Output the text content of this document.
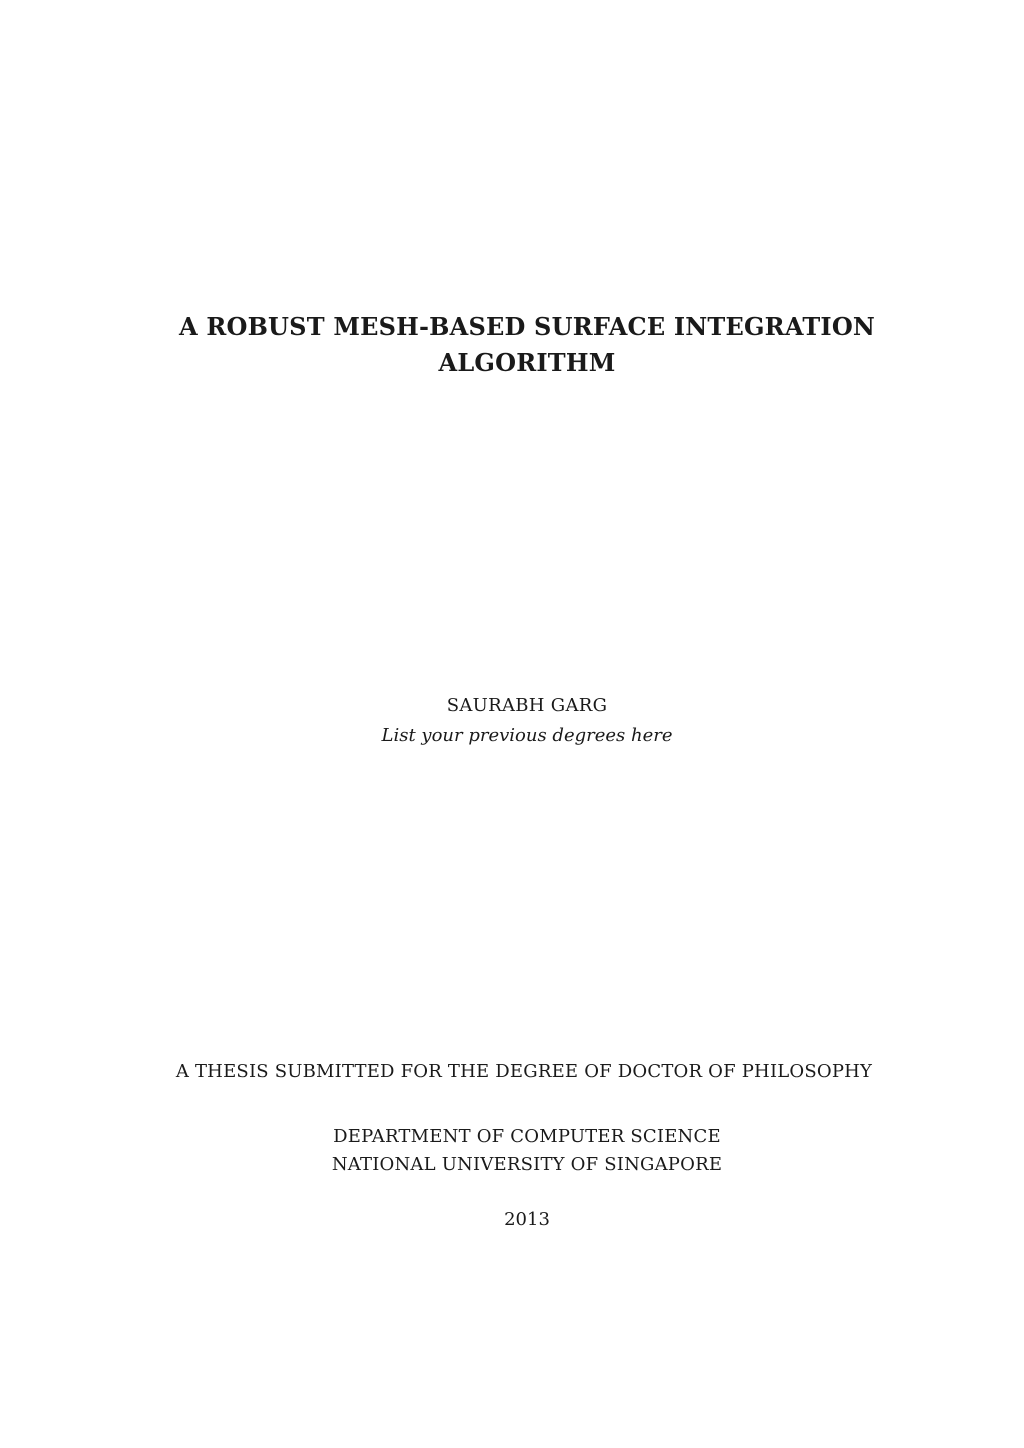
A ROBUST MESH-BASED SURFACE INTEGRATION
ALGORITHM
SAURABH GARG
List your previous degrees here
A THESIS SUBMITTED FOR THE DEGREE OF DOCTOR OF PHILOSOPHY
DEPARTMENT OF COMPUTER SCIENCE
NATIONAL UNIVERSITY OF SINGAPORE
2013
